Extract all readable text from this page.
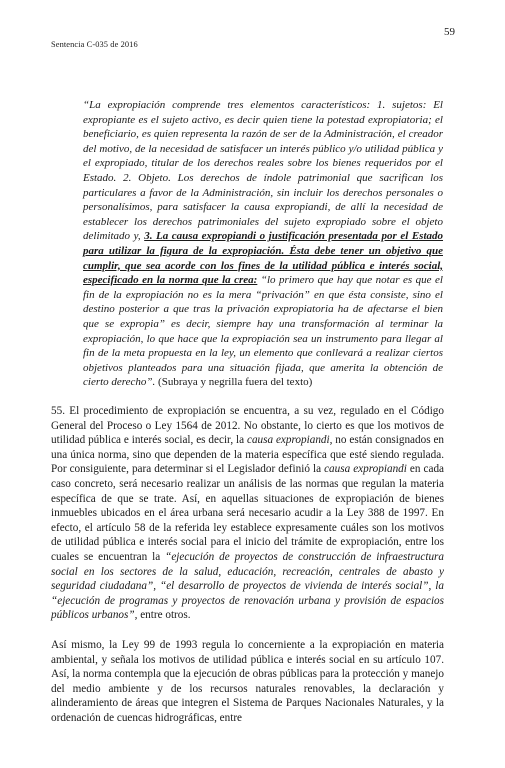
59
Sentencia C-035 de 2016
“La expropiación comprende tres elementos característicos: 1. sujetos: El expropiante es el sujeto activo, es decir quien tiene la potestad expropiatoria; el beneficiario, es quien representa la razón de ser de la Administración, el creador del motivo, de la necesidad de satisfacer un interés público y/o utilidad pública y el expropiado, titular de los derechos reales sobre los bienes requeridos por el Estado. 2. Objeto. Los derechos de índole patrimonial que sacrifican los particulares a favor de la Administración, sin incluir los derechos personales o personalísimos, para satisfacer la causa expropiandi, de allí la necesidad de establecer los derechos patrimoniales del sujeto expropiado sobre el objeto delimitado y, 3. La causa expropiandi o justificación presentada por el Estado para utilizar la figura de la expropiación. Ésta debe tener un objetivo que cumplir, que sea acorde con los fines de la utilidad pública e interés social, especificado en la norma que la crea: “lo primero que hay que notar es que el fin de la expropiación no es la mera “privación” en que ésta consiste, sino el destino posterior a que tras la privación expropiatoria ha de afectarse el bien que se expropia” es decir, siempre hay una transformación al terminar la expropiación, lo que hace que la expropiación sea un instrumento para llegar al fin de la meta propuesta en la ley, un elemento que conllevará a realizar ciertos objetivos planteados para una situación fijada, que amerita la obtención de cierto derecho”. (Subraya y negrilla fuera del texto)
55. El procedimiento de expropiación se encuentra, a su vez, regulado en el Código General del Proceso o Ley 1564 de 2012. No obstante, lo cierto es que los motivos de utilidad pública e interés social, es decir, la causa expropiandi, no están consignados en una única norma, sino que dependen de la materia específica que esté siendo regulada. Por consiguiente, para determinar si el Legislador definió la causa expropiandi en cada caso concreto, será necesario realizar un análisis de las normas que regulan la materia específica de que se trate. Así, en aquellas situaciones de expropiación de bienes inmuebles ubicados en el área urbana será necesario acudir a la Ley 388 de 1997. En efecto, el artículo 58 de la referida ley establece expresamente cuáles son los motivos de utilidad pública e interés social para el inicio del trámite de expropiación, entre los cuales se encuentran la “ejecución de proyectos de construcción de infraestructura social en los sectores de la salud, educación, recreación, centrales de abasto y seguridad ciudadana”, “el desarrollo de proyectos de vivienda de interés social”, la “ejecución de programas y proyectos de renovación urbana y provisión de espacios públicos urbanos”, entre otros.
Así mismo, la Ley 99 de 1993 regula lo concerniente a la expropiación en materia ambiental, y señala los motivos de utilidad pública e interés social en su artículo 107. Así, la norma contempla que la ejecución de obras públicas para la protección y manejo del medio ambiente y de los recursos naturales renovables, la declaración y alinderamiento de áreas que integren el Sistema de Parques Nacionales Naturales, y la ordenación de cuencas hidrográficas, entre
